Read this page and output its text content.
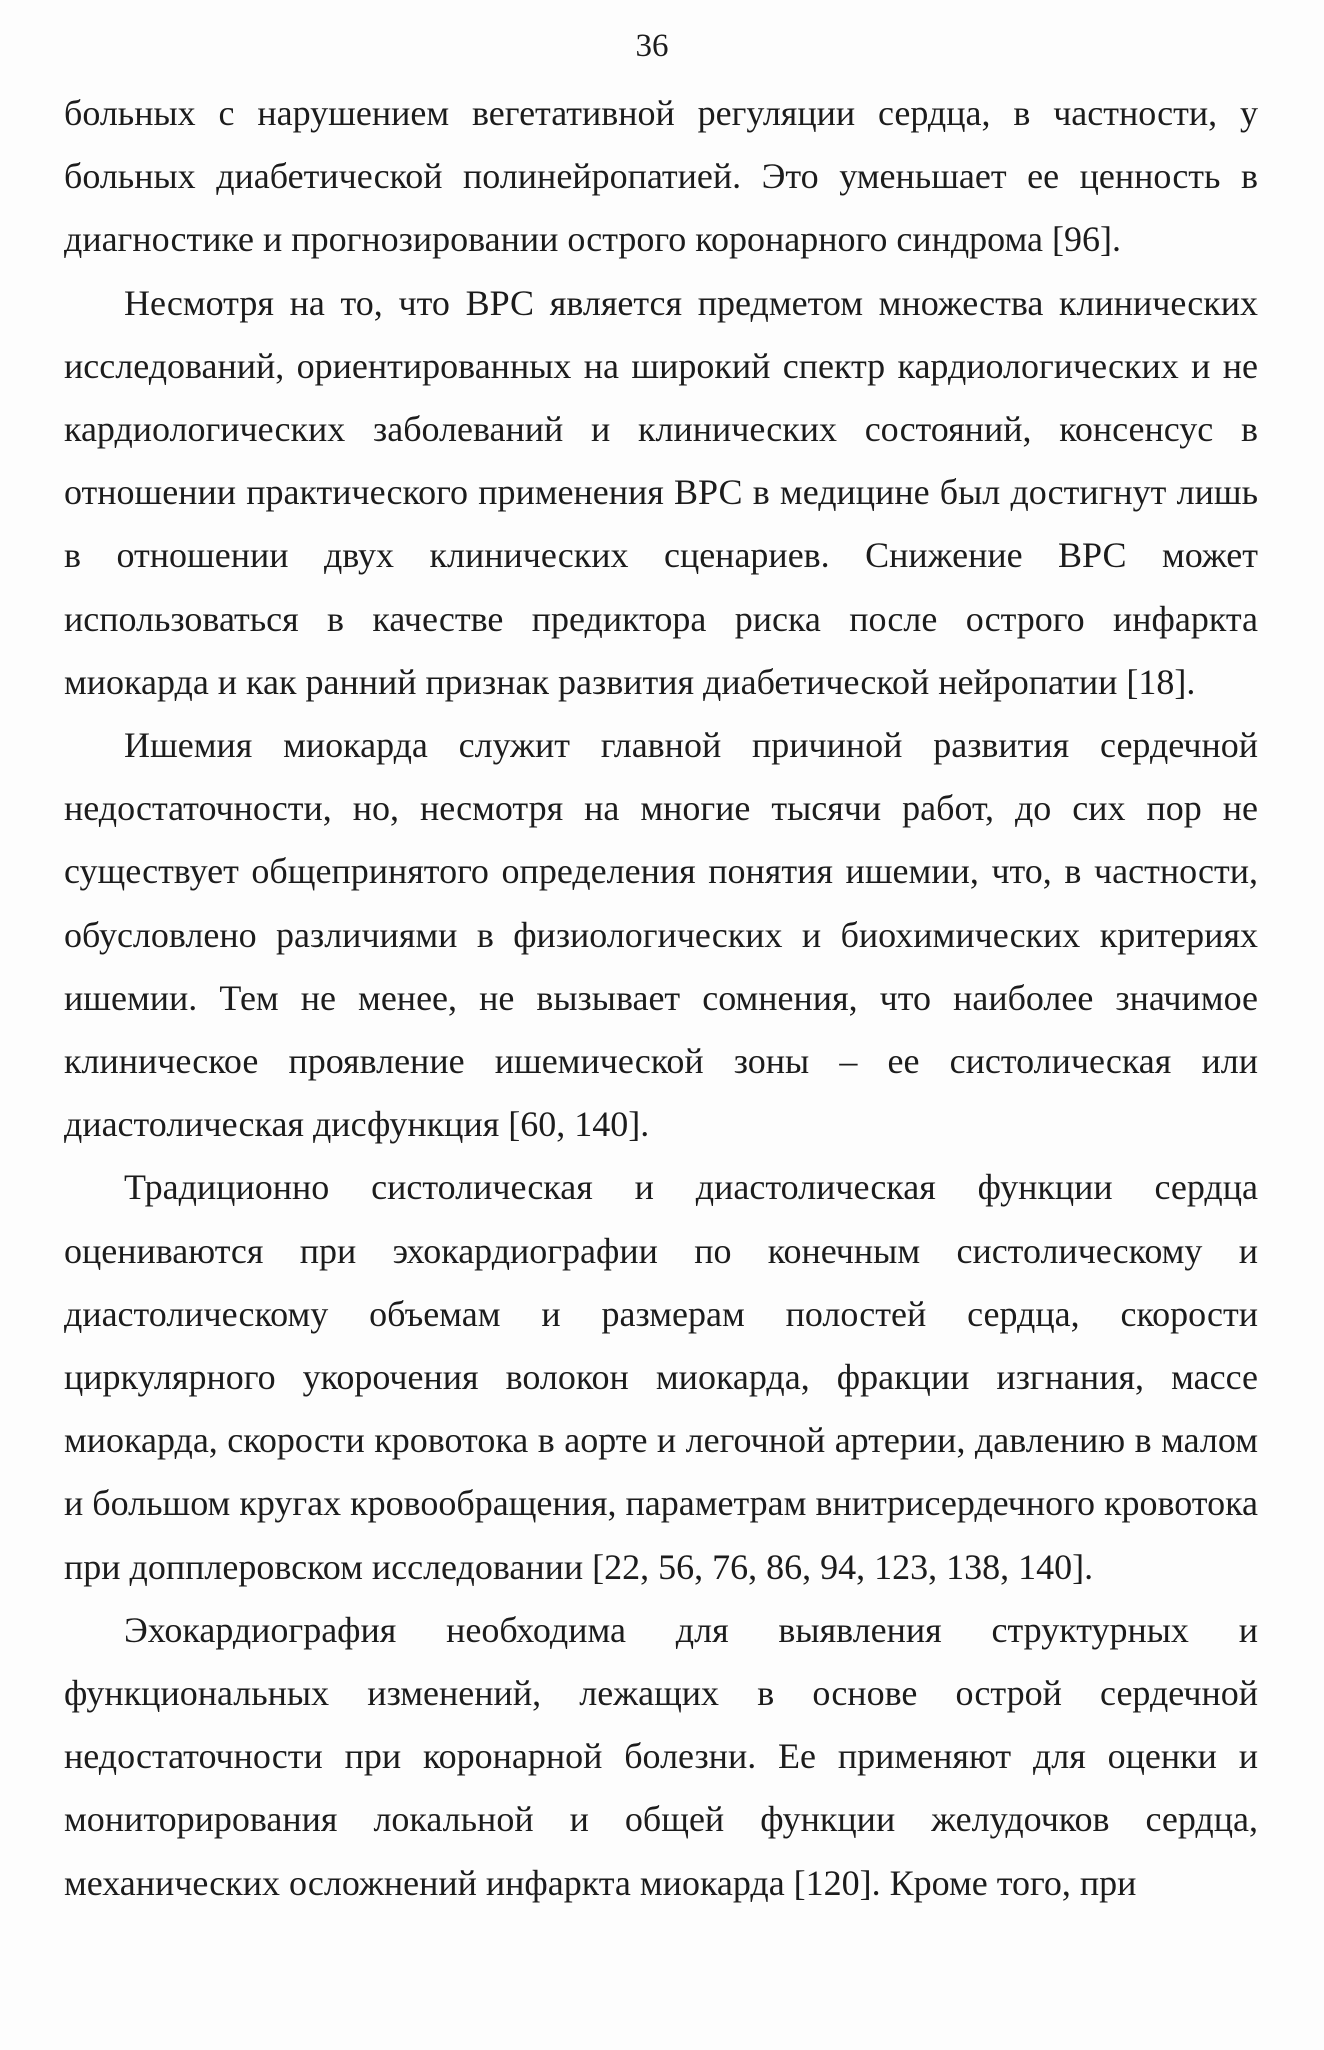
36

больных с нарушением вегетативной регуляции сердца, в частности, у больных диабетической полинейропатией. Это уменьшает ее ценность в диагностике и прогнозировании острого коронарного синдрома [96].

Несмотря на то, что ВРС является предметом множества клинических исследований, ориентированных на широкий спектр кардиологических и не кардиологических заболеваний и клинических состояний, консенсус в отношении практического применения ВРС в медицине был достигнут лишь в отношении двух клинических сценариев. Снижение ВРС может использоваться в качестве предиктора риска после острого инфаркта миокарда и как ранний признак развития диабетической нейропатии [18].

Ишемия миокарда служит главной причиной развития сердечной недостаточности, но, несмотря на многие тысячи работ, до сих пор не существует общепринятого определения понятия ишемии, что, в частности, обусловлено различиями в физиологических и биохимических критериях ишемии. Тем не менее, не вызывает сомнения, что наиболее значимое клиническое проявление ишемической зоны – ее систолическая или диастолическая дисфункция [60, 140].

Традиционно систолическая и диастолическая функции сердца оцениваются при эхокардиографии по конечным систолическому и диастолическому объемам и размерам полостей сердца, скорости циркулярного укорочения волокон миокарда, фракции изгнания, массе миокарда, скорости кровотока в аорте и легочной артерии, давлению в малом и большом кругах кровообращения, параметрам внитрисердечного кровотока при допплеровском исследовании [22, 56, 76, 86, 94, 123, 138, 140].

Эхокардиография необходима для выявления структурных и функциональных изменений, лежащих в основе острой сердечной недостаточности при коронарной болезни. Ее применяют для оценки и мониторирования локальной и общей функции желудочков сердца, механических осложнений инфаркта миокарда [120]. Кроме того, при
